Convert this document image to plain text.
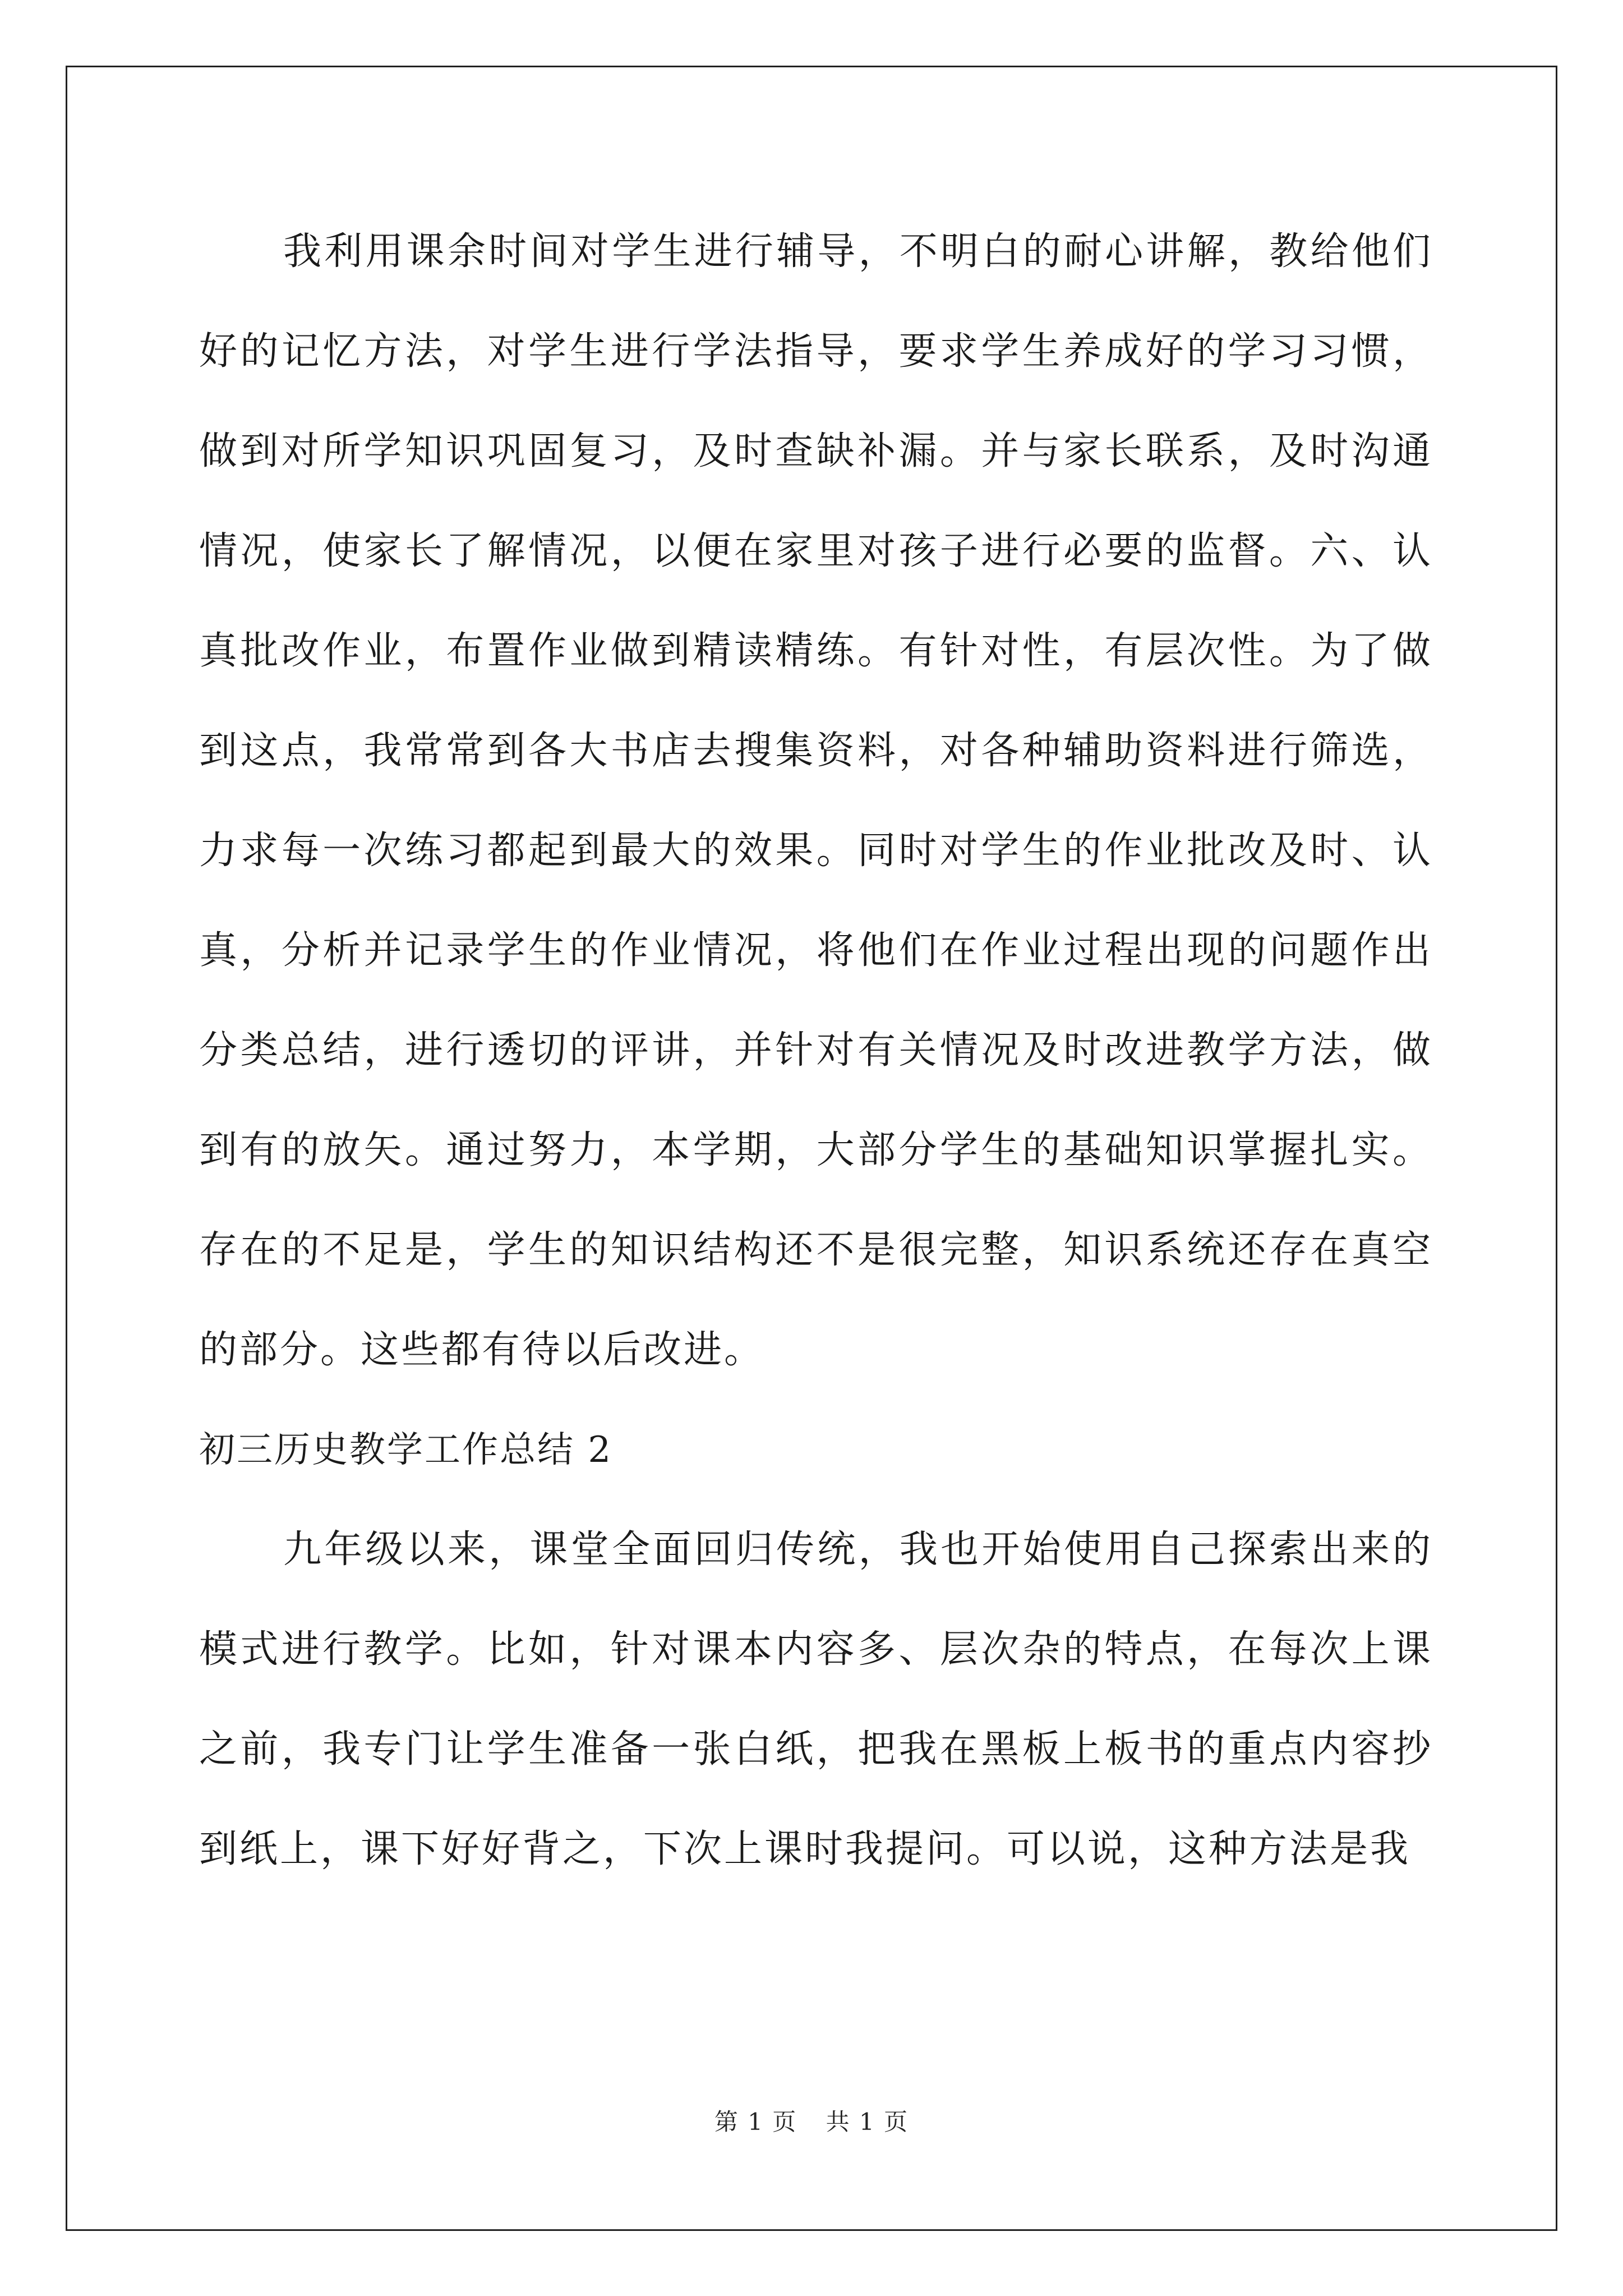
我利用课余时间对学生进行辅导，不明白的耐心讲解，教给他们好的记忆方法，对学生进行学法指导，要求学生养成好的学习习惯，做到对所学知识巩固复习，及时查缺补漏。并与家长联系，及时沟通情况，使家长了解情况，以便在家里对孩子进行必要的监督。六、认真批改作业，布置作业做到精读精练。有针对性，有层次性。为了做到这点，我常常到各大书店去搜集资料，对各种辅助资料进行筛选，力求每一次练习都起到最大的效果。同时对学生的作业批改及时、认真，分析并记录学生的作业情况，将他们在作业过程出现的问题作出分类总结，进行透切的评讲，并针对有关情况及时改进教学方法，做到有的放矢。通过努力，本学期，大部分学生的基础知识掌握扎实。存在的不足是，学生的知识结构还不是很完整，知识系统还存在真空的部分。这些都有待以后改进。

初三历史教学工作总结 2

九年级以来，课堂全面回归传统，我也开始使用自己探索出来的模式进行教学。比如，针对课本内容多、层次杂的特点，在每次上课之前，我专门让学生准备一张白纸，把我在黑板上板书的重点内容抄到纸上，课下好好背之，下次上课时我提问。可以说，这种方法是我

第 1 页 共 1 页
